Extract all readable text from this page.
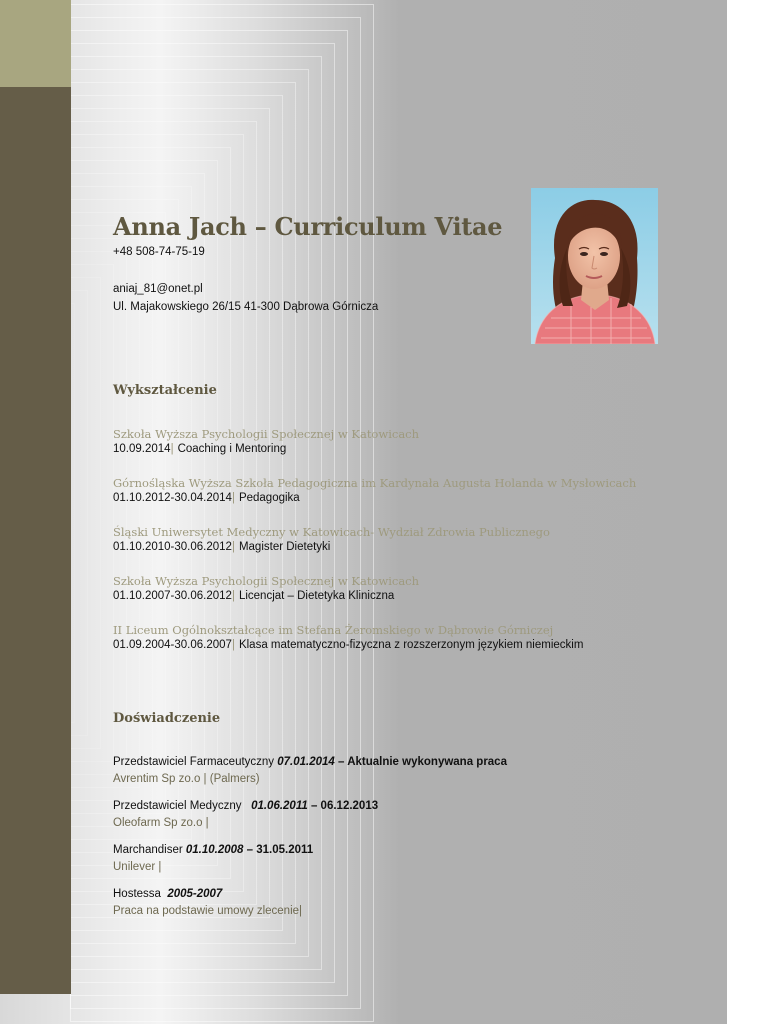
Anna Jach – Curriculum Vitae
+48 508-74-75-19
aniaj_81@onet.pl
Ul. Majakowskiego 26/15 41-300 Dąbrowa Górnicza
Wykształcenie
Szkoła Wyższa Psychologii Społecznej w Katowicach
10.09.2014| Coaching i Mentoring
Górnośląska Wyższa Szkoła Pedagogiczna im Kardynała Augusta Holanda w Mysłowicach
01.10.2012-30.04.2014| Pedagogika
Śląski Uniwersytet Medyczny w Katowicach- Wydział Zdrowia Publicznego
01.10.2010-30.06.2012| Magister Dietetyki
Szkoła Wyższa Psychologii Społecznej w Katowicach
01.10.2007-30.06.2012| Licencjat – Dietetyka Kliniczna
II Liceum Ogólnokształcące im Stefana Żeromskiego w Dąbrowie Górniczej
01.09.2004-30.06.2007| Klasa matematyczno-fizyczna z rozszerzonym językiem niemieckim
Doświadczenie
Przedstawiciel Farmaceutyczny 07.01.2014 – Aktualnie wykonywana praca
Avrentim Sp zo.o | (Palmers)
Przedstawiciel Medyczny 01.06.2011 – 06.12.2013
Oleofarm Sp zo.o |
Marchandiser 01.10.2008 – 31.05.2011
Unilever |
Hostessa 2005-2007
Praca na podstawie umowy zlecenie|
